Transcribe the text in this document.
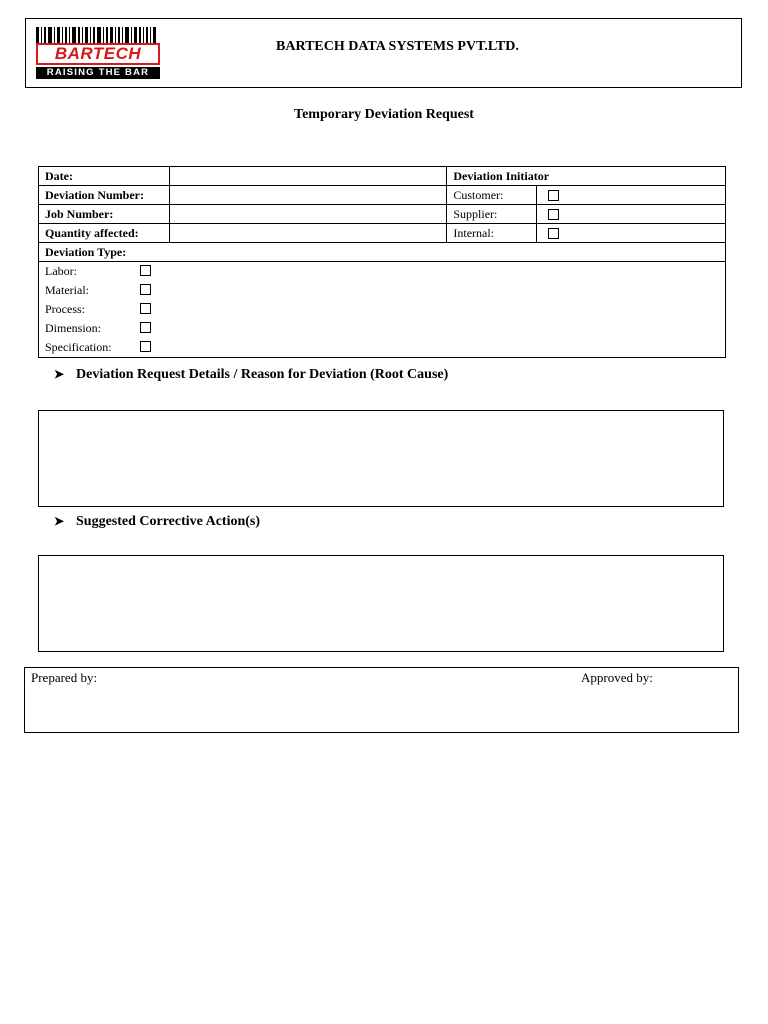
BARTECH
RAISING THE BAR
BARTECH DATA SYSTEMS PVT.LTD.
Temporary Deviation Request
Date:		Deviation Initiator	
Deviation Number:		Customer:	
Job Number:		Supplier:	
Quantity affected:		Internal:	
Deviation Type:			

Labor:
Material:
Process:
Dimension:
Specification:			
➤ Deviation Request Details / Reason for Deviation (Root Cause)
➤ Suggested Corrective Action(s)
Prepared by:	Approved by:
